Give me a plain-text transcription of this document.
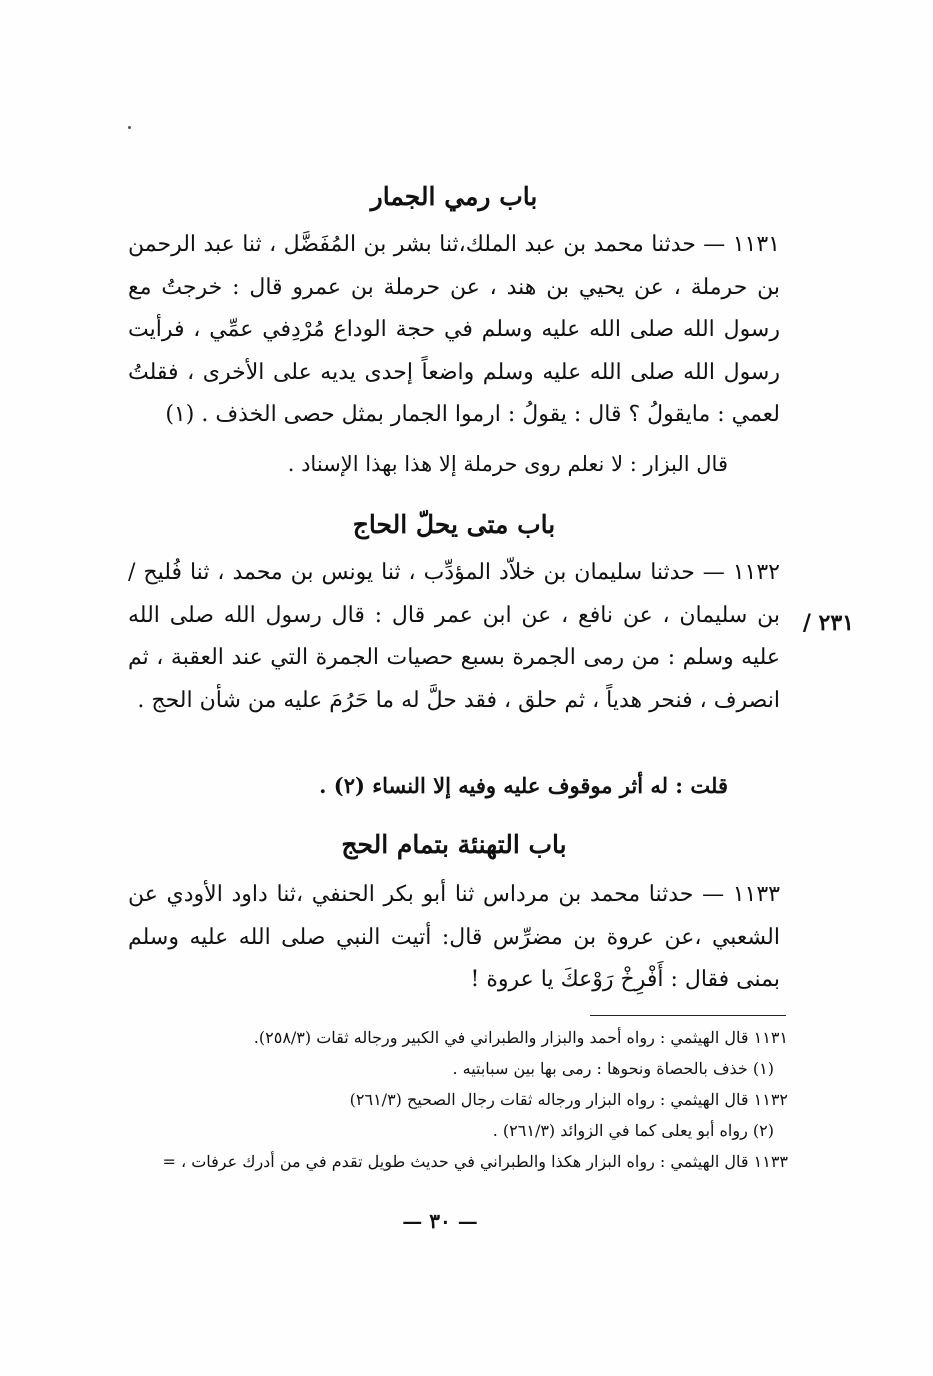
باب رمي الجمار

١١٣١ — حدثنا محمد بن عبد الملك،ثنا بشر بن المُفَضَّل ، ثنا عبد الرحمن بن حرملة ، عن يحيي بن هند ، عن حرملة بن عمرو قال : خرجتُ مع رسول الله صلى الله عليه وسلم في حجة الوداع مُرْدِفي عمِّي ، فرأيت رسول الله صلى الله عليه وسلم واضعاً إحدى يديه على الأخرى ، فقلتُ لعمي : مايقولُ ؟ قال : يقولُ : ارموا الجمار بمثل حصى الخذف . (١)

قال البزار : لا نعلم روى حرملة إلا هذا بهذا الإسناد .

باب متى يحلّ الحاج

١١٣٢ — حدثنا سليمان بن خلاّد المؤدِّب ، ثنا يونس بن محمد ، ثنا فُليح / بن سليمان ، عن نافع ، عن ابن عمر قال : قال رسول الله صلى الله عليه وسلم : من رمى الجمرة بسبع حصيات الجمرة التي عند العقبة ، ثم انصرف ، فنحر هدياً ، ثم حلق ، فقد حلَّ له ما حَرُمَ عليه من شأن الحج .

٢٣١ /

قلت : له أثر موقوف عليه وفيه إلا النساء (٢) .

باب التهنئة بتمام الحج

١١٣٣ — حدثنا محمد بن مرداس ثنا أبو بكر الحنفي ،ثنا داود الأودي عن الشعبي ،عن عروة بن مضرِّس قال: أتيت النبي صلى الله عليه وسلم بمنى فقال : أَفْرِخْ رَوْعكَ يا عروة !

١١٣١ قال الهيثمي : رواه أحمد والبزار والطبراني في الكبير ورجاله ثقات (٢٥٨/٣).

(١) خذف بالحصاة ونحوها : رمى بها بين سبابتيه .

١١٣٢ قال الهيثمي : رواه البزار ورجاله ثقات رجال الصحيح (٢٦١/٣)

(٢) رواه أبو يعلى كما في الزوائد (٢٦١/٣) .

١١٣٣ قال الهيثمي : رواه البزار هكذا والطبراني في حديث طويل تقدم في من أدرك عرفات ، =

— ٣٠ —
